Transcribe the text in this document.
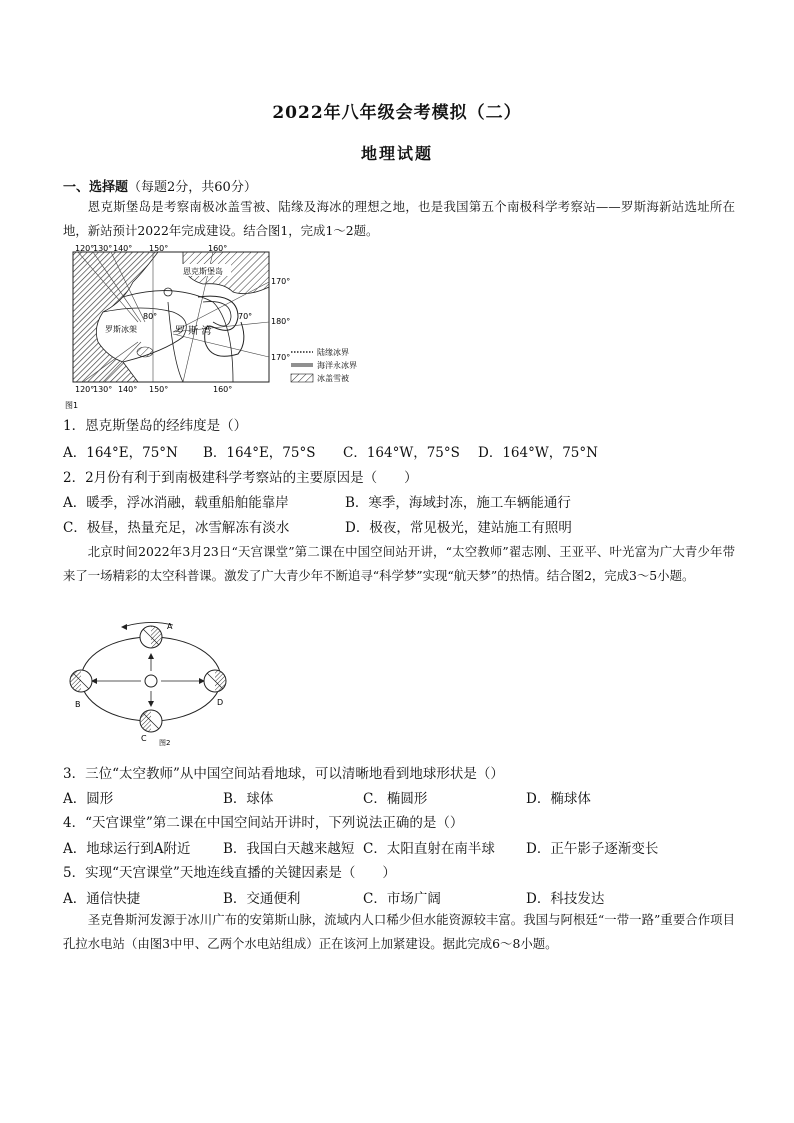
2022年八年级会考模拟（二）
地理试题
一、选择题（每题2分，共60分）
恩克斯堡岛是考察南极冰盖雪被、陆缘及海冰的理想之地，也是我国第五个南极科学考察站——罗斯海新站选址所在地，新站预计2022年完成建设。结合图1，完成1～2题。
120°
130° 140° 150°	160°
120°
130° 140° 150°	160°
170°
180°
170°
80°	70°
恩克斯堡岛
罗斯冰架	罗 斯 湾
图1
陆缘冰界
海洋永冰界
冰盖雪被
1．恩克斯堡岛的经纬度是（）
A．164°E，75°N B．164°E，75°S C．164°W，75°S D．164°W，75°N
2．2月份有利于到南极建科学考察站的主要原因是（　　）
A．暖季，浮冰消融，载重船舶能靠岸	B．寒季，海域封冻，施工车辆能通行
C．极昼，热量充足，冰雪解冻有淡水	D．极夜，常见极光，建站施工有照明
北京时间2022年3月23日“天宫课堂”第二课在中国空间站开讲，“太空教师”翟志刚、王亚平、叶光富为广大青少年带来了一场精彩的太空科普课。激发了广大青少年不断追寻“科学梦”实现“航天梦”的热情。结合图2，完成3～5小题。
A
B
C
D
图2
3．三位“太空教师”从中国空间站看地球，可以清晰地看到地球形状是（）
A．圆形	B．球体	C．椭圆形	D．椭球体
4．“天宫课堂”第二课在中国空间站开讲时，下列说法正确的是（）
A．地球运行到A附近 B．我国白天越来越短 C．太阳直射在南半球 D．正午影子逐渐变长
5．实现“天宫课堂”天地连线直播的关键因素是（　　）
A．通信快捷	B．交通便利	C．市场广阔	D．科技发达
圣克鲁斯河发源于冰川广布的安第斯山脉，流域内人口稀少但水能资源较丰富。我国与阿根廷“一带一路”重要合作项目孔拉水电站（由图3中甲、乙两个水电站组成）正在该河上加紧建设。据此完成6～8小题。
